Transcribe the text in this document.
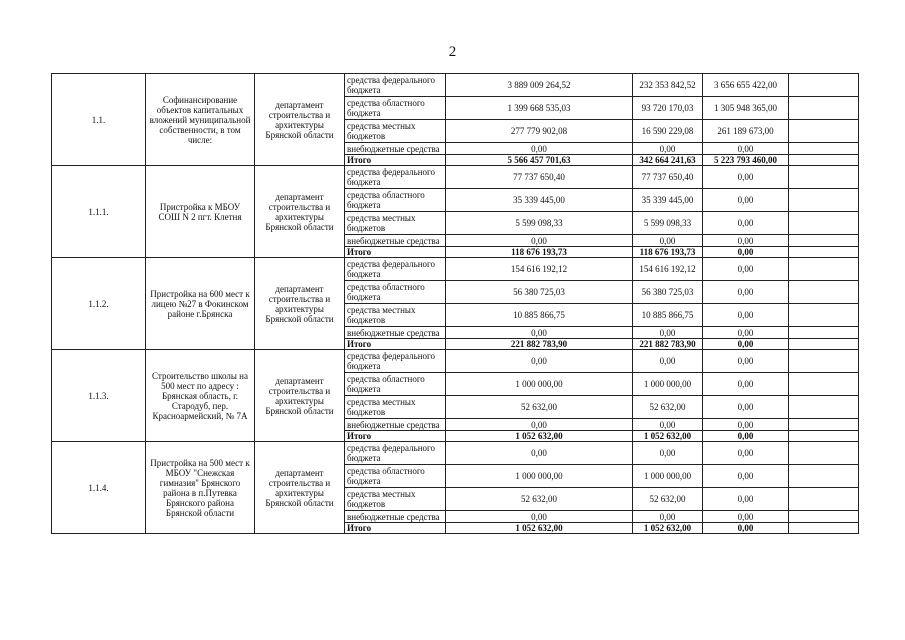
2
1.1.	Софинансирование объектов капитальных вложений муниципальной собственности, в том числе:	департамент строительства и архитектуры Брянской области	средства федерального бюджета	3 889 009 264,52	232 353 842,52	3 656 655 422,00	
			средства областного бюджета	1 399 668 535,03	93 720 170,03	1 305 948 365,00	
			средства местных бюджетов	277 779 902,08	16 590 229,08	261 189 673,00	
			внебюджетные средства	0,00	0,00	0,00	
			Итого	5 566 457 701,63	342 664 241,63	5 223 793 460,00	
1.1.1.	Пристройка к МБОУ СОШ N 2 пгт. Клетня	департамент строительства и архитектуры Брянской области	средства федерального бюджета	77 737 650,40	77 737 650,40	0,00	
			средства областного бюджета	35 339 445,00	35 339 445,00	0,00	
			средства местных бюджетов	5 599 098,33	5 599 098,33	0,00	
			внебюджетные средства	0,00	0,00	0,00	
			Итого	118 676 193,73	118 676 193,73	0,00	
1.1.2.	Пристройка на 600 мест к лицею №27 в Фокинском районе г.Брянска	департамент строительства и архитектуры Брянской области	средства федерального бюджета	154 616 192,12	154 616 192,12	0,00	
			средства областного бюджета	56 380 725,03	56 380 725,03	0,00	
			средства местных бюджетов	10 885 866,75	10 885 866,75	0,00	
			внебюджетные средства	0,00	0,00	0,00	
			Итого	221 882 783,90	221 882 783,90	0,00	
1.1.3.	Строительство школы на 500 мест по адресу : Брянская область, г. Стародуб, пер. Красноармейский, № 7А	департамент строительства и архитектуры Брянской области	средства федерального бюджета	0,00	0,00	0,00	
			средства областного бюджета	1 000 000,00	1 000 000,00	0,00	
			средства местных бюджетов	52 632,00	52 632,00	0,00	
			внебюджетные средства	0,00	0,00	0,00	
			Итого	1 052 632,00	1 052 632,00	0,00	
1.1.4.	Пристройка на 500 мест к МБОУ "Снежская гимназия" Брянского района в п.Путевка Брянского района Брянской области	департамент строительства и архитектуры Брянской области	средства федерального бюджета	0,00	0,00	0,00	
			средства областного бюджета	1 000 000,00	1 000 000,00	0,00	
			средства местных бюджетов	52 632,00	52 632,00	0,00	
			внебюджетные средства	0,00	0,00	0,00	
			Итого	1 052 632,00	1 052 632,00	0,00	
